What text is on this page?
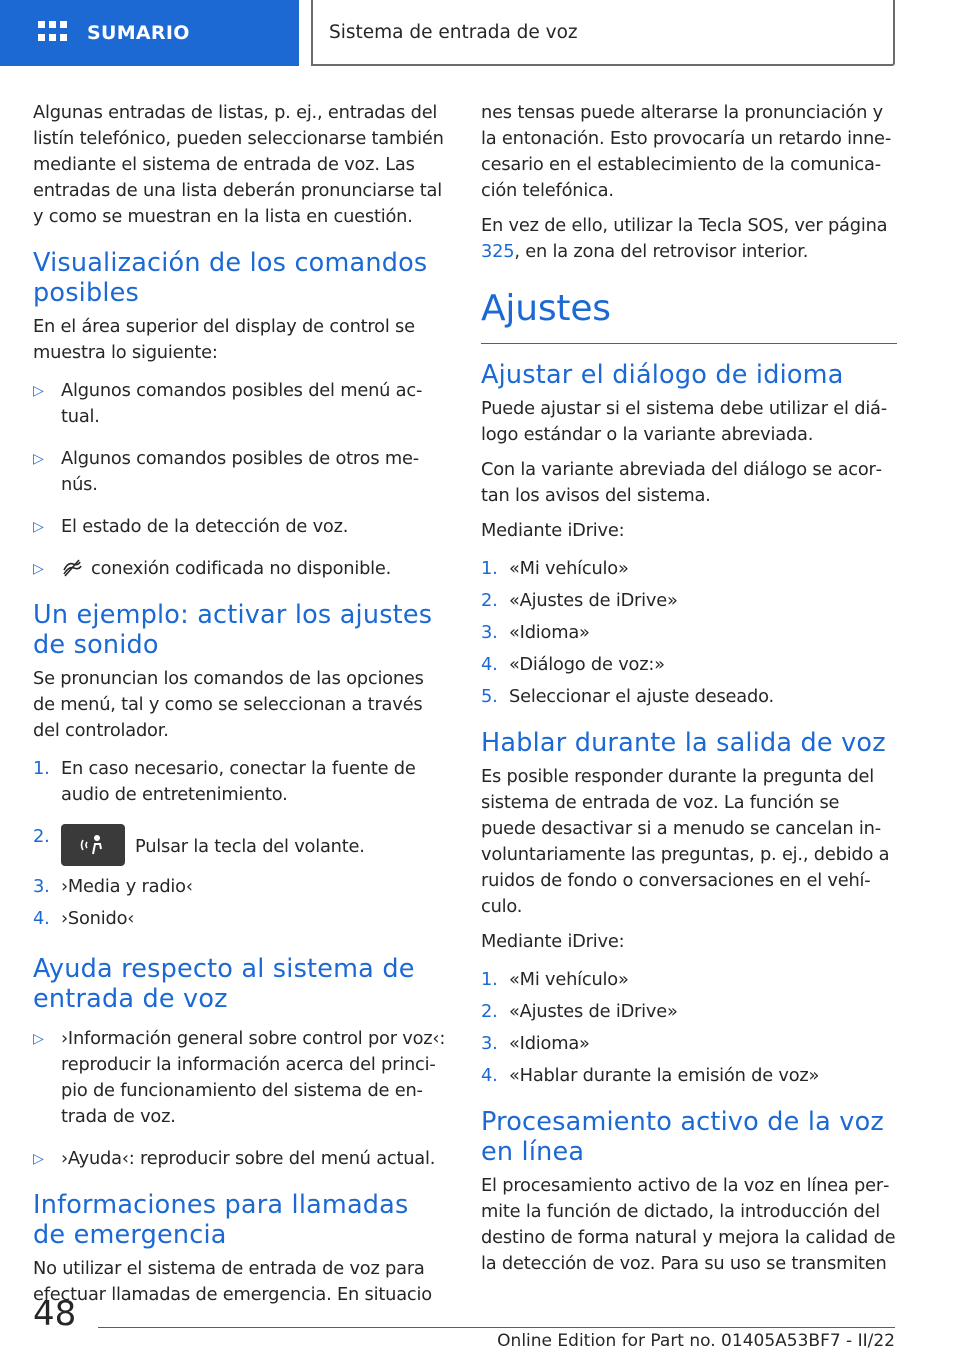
SUMARIO	Sistema de entrada de voz

Algunas entradas de listas, p. ej., entradas del listín telefónico, pueden seleccionarse también mediante el sistema de entrada de voz. Las entradas de una lista deberán pronunciarse tal y como se muestran en la lista en cuestión.

Visualización de los comandos posibles

En el área superior del display de control se muestra lo siguiente:

▷ Algunos comandos posibles del menú actual.
▷ Algunos comandos posibles de otros menús.
▷ El estado de la detección de voz.
▷	conexión codificada no disponible.
Un ejemplo: activar los ajustes de sonido

Se pronuncian los comandos de las opciones de menú, tal y como se seleccionan a través del controlador.

1. En caso necesario, conectar la fuente de audio de entretenimiento.
2.	Pulsar la tecla del volante.
3. ›Media y radio‹
4. ›Sonido‹
Ayuda respecto al sistema de entrada de voz
▷ ›Información general sobre control por voz‹: reproducir la información acerca del principio de funcionamiento del sistema de entrada de voz.
▷ ›Ayuda‹: reproducir sobre del menú actual.
Informaciones para llamadas de emergencia

No utilizar el sistema de entrada de voz para efectuar llamadas de emergencia. En situacio

nes tensas puede alterarse la pronunciación y la entonación. Esto provocaría un retardo innecesario en el establecimiento de la comunicación telefónica.

En vez de ello, utilizar la Tecla SOS, ver página 325, en la zona del retrovisor interior.

Ajustes
Ajustar el diálogo de idioma

Puede ajustar si el sistema debe utilizar el diálogo estándar o la variante abreviada.

Con la variante abreviada del diálogo se acortan los avisos del sistema.

Mediante iDrive:

1. «Mi vehículo»
2. «Ajustes de iDrive»
3. «Idioma»
4. «Diálogo de voz:»
5. Seleccionar el ajuste deseado.
Hablar durante la salida de voz

Es posible responder durante la pregunta del sistema de entrada de voz. La función se puede desactivar si a menudo se cancelan involuntariamente las preguntas, p. ej., debido a ruidos de fondo o conversaciones en el vehículo.

Mediante iDrive:

1. «Mi vehículo»
2. «Ajustes de iDrive»
3. «Idioma»
4. «Hablar durante la emisión de voz»
Procesamiento activo de la voz en línea

El procesamiento activo de la voz en línea permite la función de dictado, la introducción del destino de forma natural y mejora la calidad de la detección de voz. Para su uso se transmiten

48
Online Edition for Part no. 01405A53BF7 - II/22
